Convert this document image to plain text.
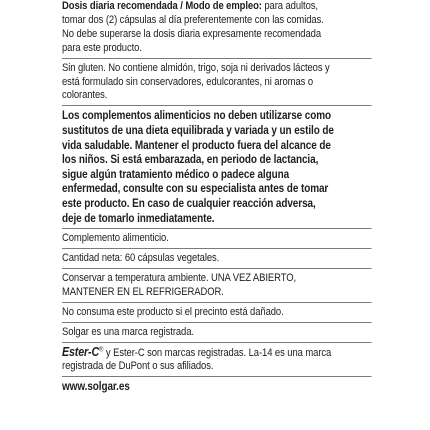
Dosis diaria recomendada / Modo de empleo: para adultos, tomar dos (2) cápsulas al día preferentemente con las comidas. No debe superarse la dosis diaria expresamente recomendada para este producto.

Sin gluten. No contiene almidón, trigo, soja ni derivados lácteos y está formulado sin conservadores, edulcorantes, ni aromas o colorantes.

Los complementos alimenticios no deben utilizarse como sustitutos de una dieta equilibrada y variada y un estilo de vida saludable. Mantener el producto fuera del alcance de los niños. Si está embarazada, en periodo de lactancia, sigue algún tratamiento médico o padece alguna enfermedad, consulte con su especialista antes de tomar este producto. En caso de cualquier reacción adversa, deje de tomarlo inmediatamente.

Complemento alimenticio.

Cantidad neta: 60 cápsulas vegetales.

Conservar a temperatura ambiente. UNA VEZ ABIERTO, MANTENER EN EL REFRIGERADOR.

No consuma este producto si el precinto está dañado.

Solgar es una marca registrada.

Ester-C® y Ester-C son marcas registradas. La-14 es una marca registrada de DuPont o sus afiliados.

www.solgar.es
